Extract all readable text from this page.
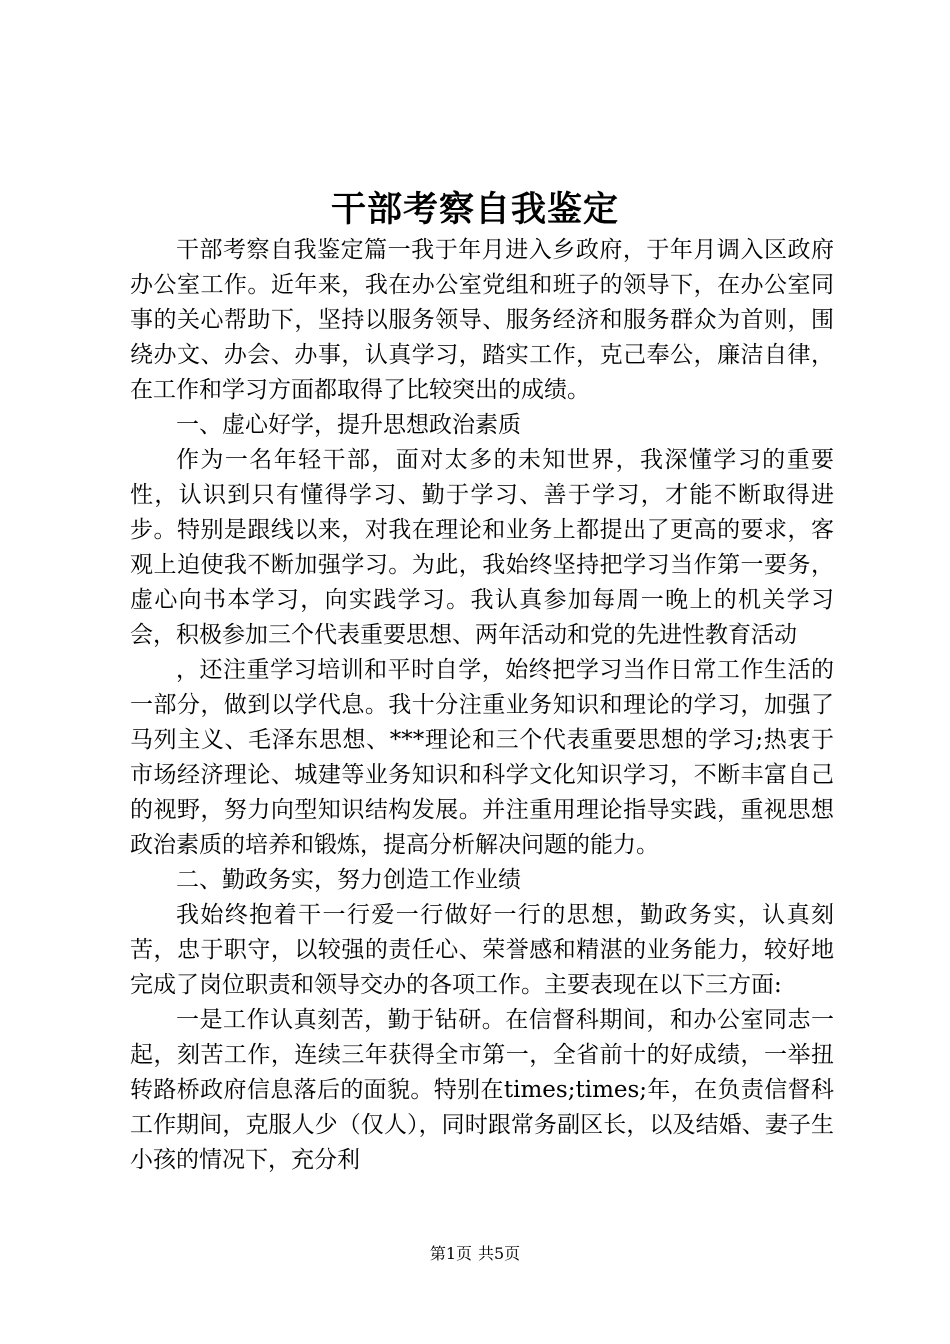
干部考察自我鉴定

干部考察自我鉴定篇一我于年月进入乡政府，于年月调入区政府办公室工作。近年来，我在办公室党组和班子的领导下，在办公室同事的关心帮助下，坚持以服务领导、服务经济和服务群众为首则，围绕办文、办会、办事，认真学习，踏实工作，克己奉公，廉洁自律，在工作和学习方面都取得了比较突出的成绩。

一、虚心好学，提升思想政治素质

作为一名年轻干部，面对太多的未知世界，我深懂学习的重要性，认识到只有懂得学习、勤于学习、善于学习，才能不断取得进步。特别是跟线以来，对我在理论和业务上都提出了更高的要求，客观上迫使我不断加强学习。为此，我始终坚持把学习当作第一要务，虚心向书本学习，向实践学习。我认真参加每周一晚上的机关学习会，积极参加三个代表重要思想、两年活动和党的先进性教育活动

，还注重学习培训和平时自学，始终把学习当作日常工作生活的一部分，做到以学代息。我十分注重业务知识和理论的学习，加强了马列主义、毛泽东思想、***理论和三个代表重要思想的学习;热衷于市场经济理论、城建等业务知识和科学文化知识学习，不断丰富自己的视野，努力向型知识结构发展。并注重用理论指导实践，重视思想政治素质的培养和锻炼，提高分析解决问题的能力。

二、勤政务实，努力创造工作业绩

我始终抱着干一行爱一行做好一行的思想，勤政务实，认真刻苦，忠于职守，以较强的责任心、荣誉感和精湛的业务能力，较好地完成了岗位职责和领导交办的各项工作。主要表现在以下三方面:

一是工作认真刻苦，勤于钻研。在信督科期间，和办公室同志一起，刻苦工作，连续三年获得全市第一，全省前十的好成绩，一举扭转路桥政府信息落后的面貌。特别在times;times;年，在负责信督科工作期间，克服人少（仅人），同时跟常务副区长，以及结婚、妻子生小孩的情况下，充分利

第1页 共5页
